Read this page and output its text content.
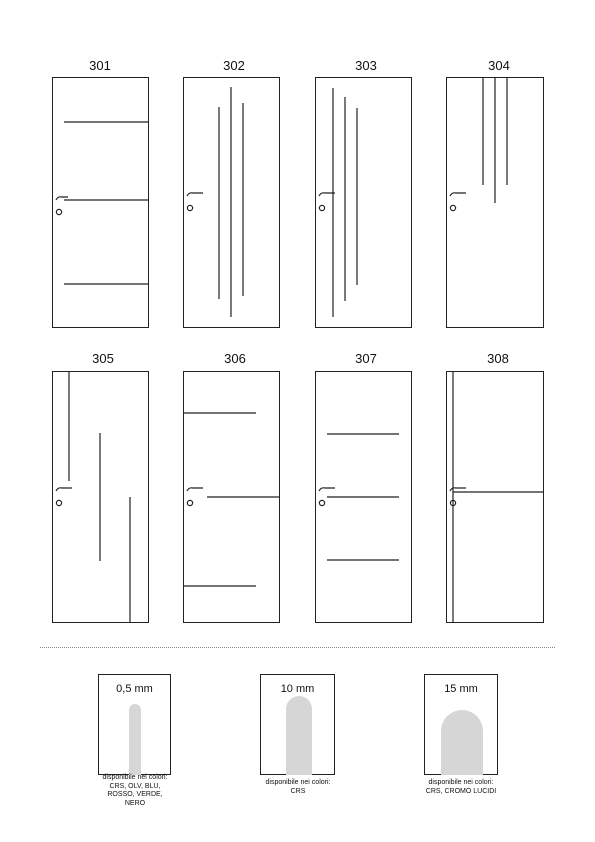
301	302	303	304
305	306	307	308
0,5 mm
disponibile nei colori:
CRS, OLV, BLU,
ROSSO, VERDE,
NERO
10 mm
disponibile nei colori:
CRS
15 mm
disponibile nei colori:
CRS, CROMO LUCIDI
